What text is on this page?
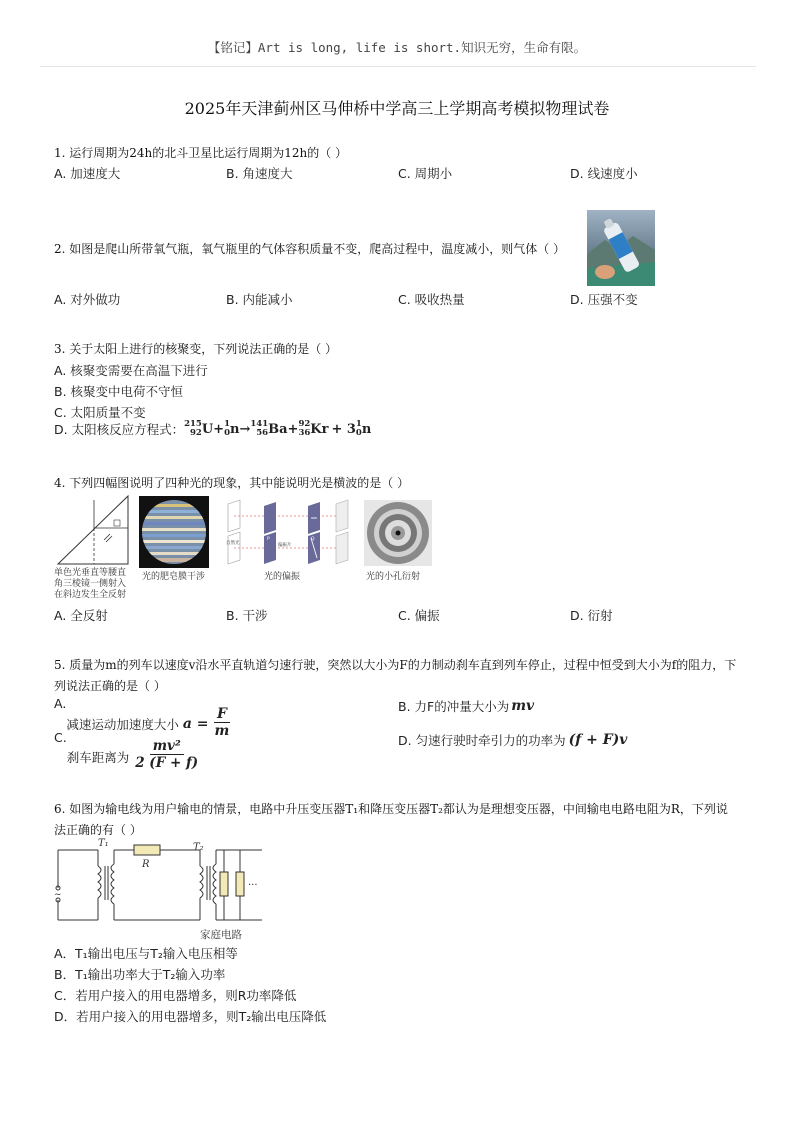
【铭记】Art is long, life is short.知识无穷，生命有限。
2025年天津蓟州区马伸桥中学高三上学期高考模拟物理试卷
1. 运行周期为24h的北斗卫星比运行周期为12h的（ ）
A. 加速度大	B. 角速度大	C. 周期小	D. 线速度小
2. 如图是爬山所带氧气瓶，氧气瓶里的气体容积质量不变，爬高过程中，温度减小，则气体（ ）
A. 对外做功	B. 内能减小	C. 吸收热量	D. 压强不变
3. 关于太阳上进行的核聚变，下列说法正确的是（ ）
A. 核聚变需要在高温下进行
B. 核聚变中电荷不守恒
C. 太阳质量不变
D. 太阳核反应方程式： 215
92 U + 1
0 n → 141
56 Ba + 92
36 Kr + 3 1
0 n
4. 下列四幅图说明了四种光的现象，其中能说明光是横波的是（ ）
单色光垂直等腰直角三棱镜一侧射入在斜边发生全反射
光的肥皂膜干涉
自然光	偏振片
P	Q
光的偏振	光的小孔衍射
A. 全反射	B. 干涉	C. 偏振	D. 衍射
5. 质量为m的列车以速度v沿水平直轨道匀速行驶，突然以大小为F的力制动刹车直到列车停止，过程中恒受到大小为f的阻力，下
列说法正确的是（ ）
A.
减速运动加速度大小 $a = \frac{F}{m}$	B. 力F的冲量大小为 mv
C.
刹车距离为 $\frac{\text{mv²}}{2 (F + f)}$	D. 匀速行驶时牵引力的功率为 (f + F)v
6. 如图为输电线为用户输电的情景，电路中升压变压器T₁和降压变压器T₂都认为是理想变压器，中间输电电路电阻为R，下列说
法正确的有（ ）
~
T₁
R
T₂
···
家庭电路
A．T₁输出电压与T₂输入电压相等
B．T₁输出功率大于T₂输入功率
C．若用户接入的用电器增多，则R功率降低
D．若用户接入的用电器增多，则T₂输出电压降低
